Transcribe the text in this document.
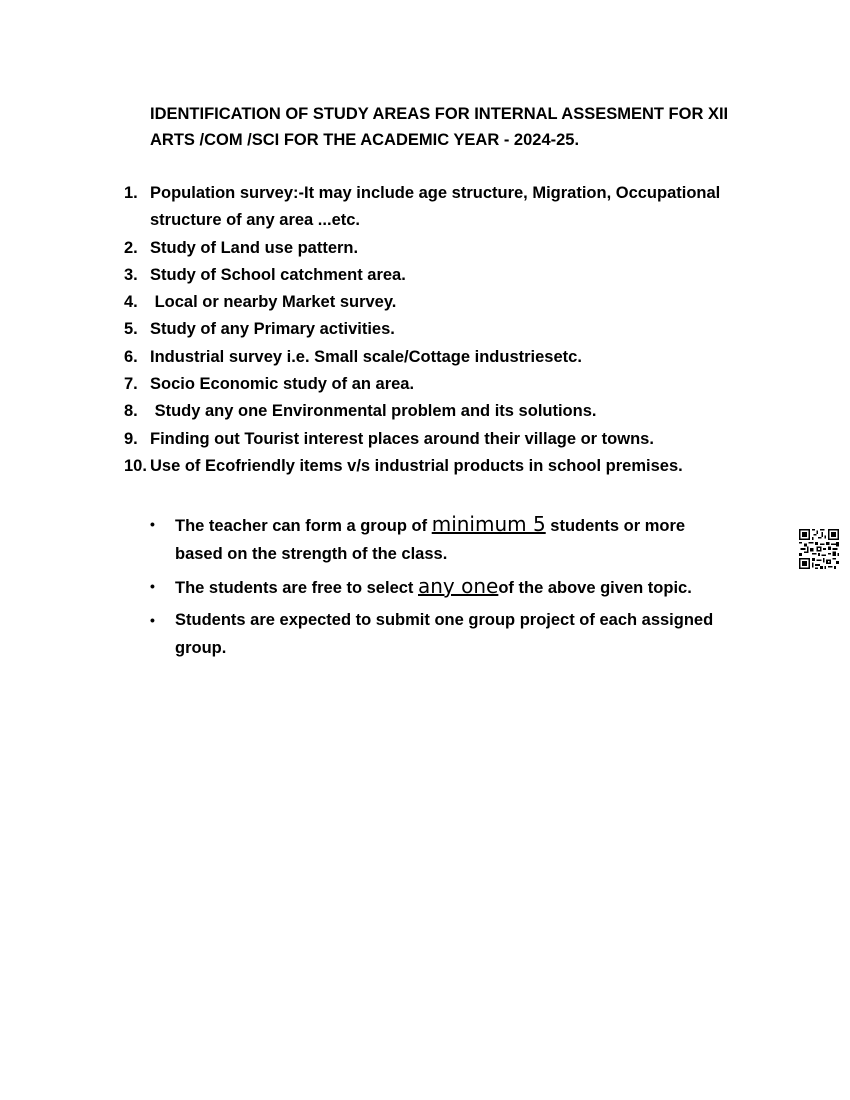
IDENTIFICATION OF STUDY AREAS FOR INTERNAL ASSESMENT FOR XII
ARTS /COM /SCI FOR THE ACADEMIC YEAR - 2024-25.
1. Population survey:-It may include age structure, Migration, Occupational
structure of any area ...etc.
2. Study of Land use pattern.
3. Study of School catchment area.
4. Local or nearby Market survey.
5. Study of any Primary activities.
6. Industrial survey i.e. Small scale/Cottage industriesetc.
7. Socio Economic study of an area.
8. Study any one Environmental problem and its solutions.
9. Finding out Tourist interest places around their village or towns.
10. Use of Ecofriendly items v/s industrial products in school premises.
• The teacher can form a group of minimum 5 students or more based on the strength of the class.
• The students are free to select any oneof the above given topic.
• Students are expected to submit one group project of each assigned group.
